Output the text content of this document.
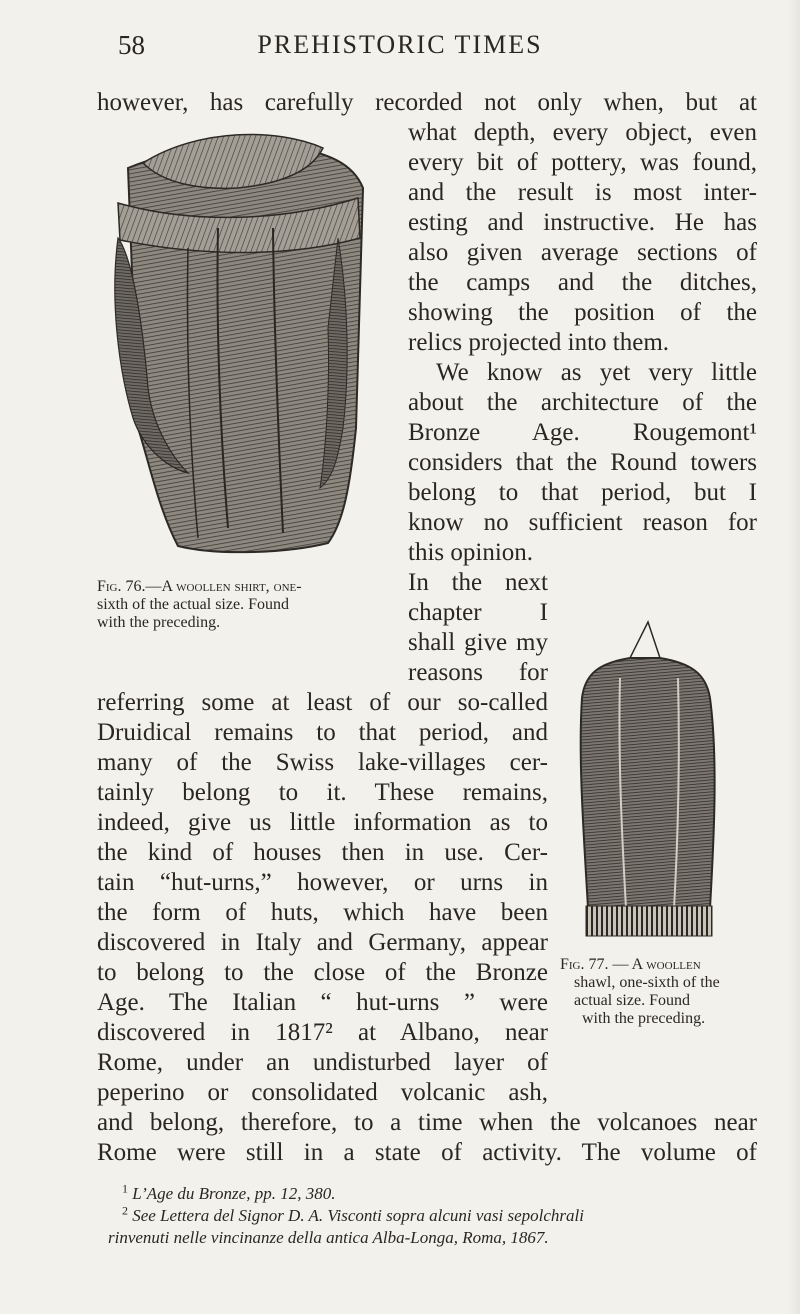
58	PREHISTORIC TIMES
however, has carefully recorded not only when, but at
what depth, every object, even
every bit of pottery, was found,
and the result is most inter-
esting and instructive. He has
also given average sections of
the camps and the ditches,
showing the position of the
relics projected into them.
We know as yet very little
about the architecture of the
Bronze Age. Rougemont¹
considers that the Round towers
belong to that period, but I
know no sufficient reason for
this opinion.
In the next
chapter I
shall give my
reasons for
referring some at least of our so-called
Druidical remains to that period, and
many of the Swiss lake-villages cer-
tainly belong to it. These remains,
indeed, give us little information as to
the kind of houses then in use. Cer-
tain “hut-urns,” however, or urns in
the form of huts, which have been
discovered in Italy and Germany, appear
to belong to the close of the Bronze
Age. The Italian “ hut-urns ” were
discovered in 1817² at Albano, near
Rome, under an undisturbed layer of
peperino or consolidated volcanic ash,
and belong, therefore, to a time when the volcanoes near
Rome were still in a state of activity. The volume of
Fig. 76.—A woollen shirt, one-
sixth of the actual size. Found
with the preceding.
Fig. 77. — A woollen
shawl, one-sixth of the
actual size. Found
with the preceding.
$^1$ L’Age du Bronze, pp. 12, 380.
$^2$ See Lettera del Signor D. A. Visconti sopra alcuni vasi sepolchrali
rinvenuti nelle vincinanze della antica Alba-Longa, Roma, 1867.
